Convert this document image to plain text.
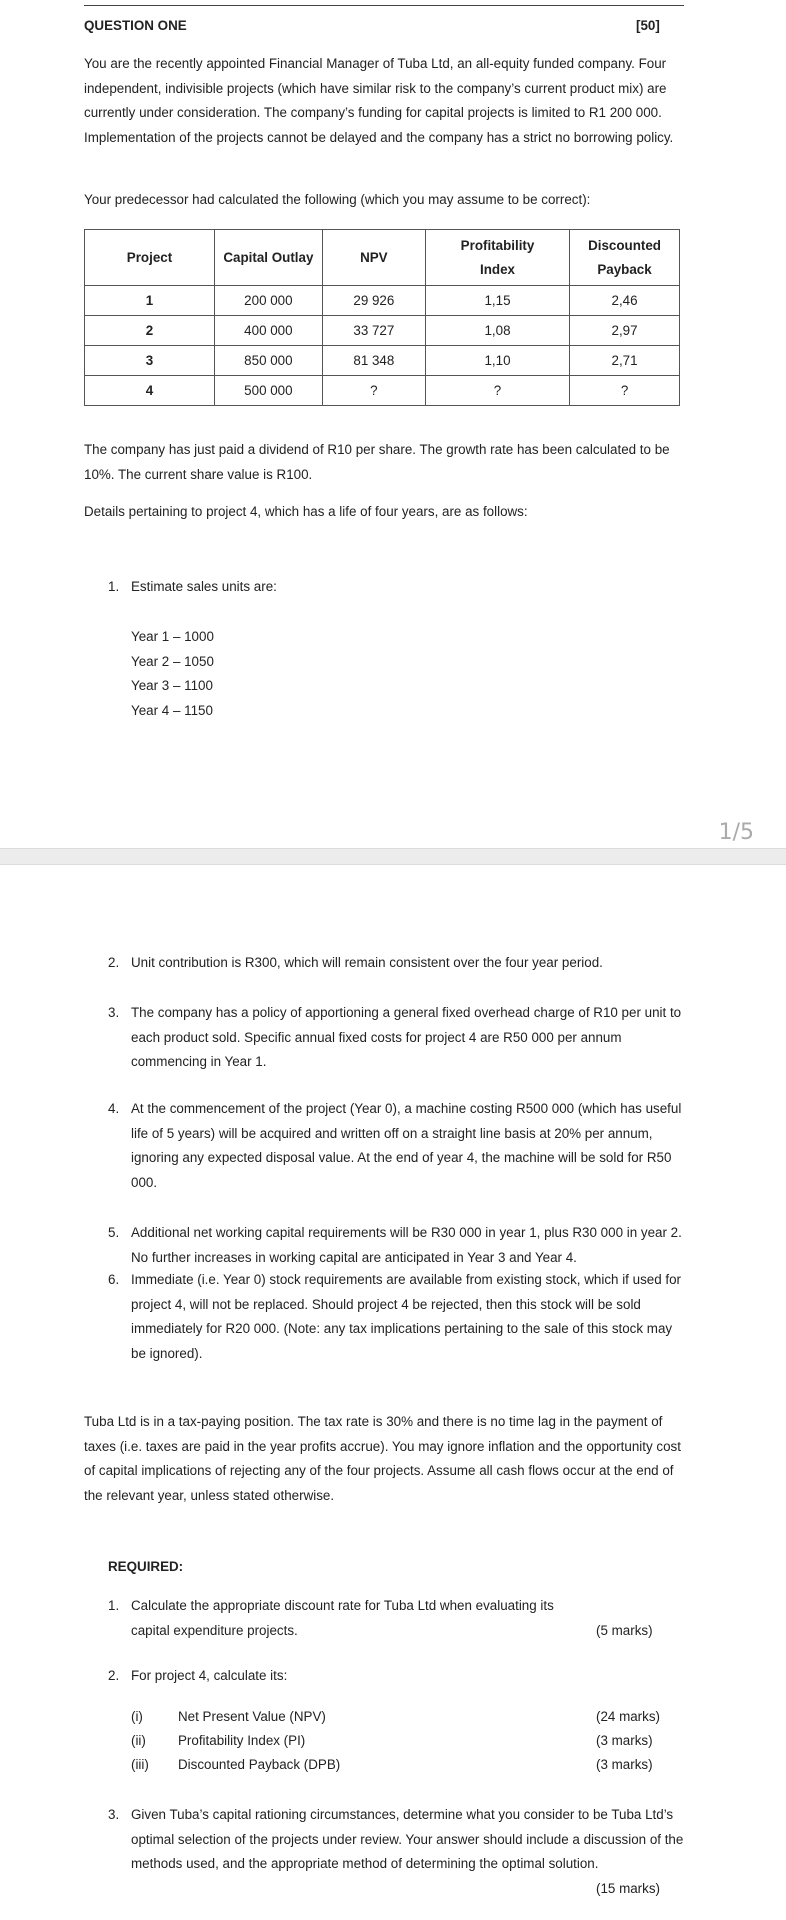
QUESTION ONE	[50]

You are the recently appointed Financial Manager of Tuba Ltd, an all-equity funded company. Four independent, indivisible projects (which have similar risk to the company’s current product mix) are currently under consideration. The company’s funding for capital projects is limited to R1 200 000. Implementation of the projects cannot be delayed and the company has a strict no borrowing policy.

Your predecessor had calculated the following (which you may assume to be correct):

Project	Capital Outlay	NPV	Profitability Index	Discounted Payback
1	200 000	29 926	1,15	2,46
2	400 000	33 727	1,08	2,97
3	850 000	81 348	1,10	2,71
4	500 000	?	?	?

The company has just paid a dividend of R10 per share. The growth rate has been calculated to be 10%. The current share value is R100.

Details pertaining to project 4, which has a life of four years, are as follows:

1. Estimate sales units are:

Year 1 – 1000
Year 2 – 1050
Year 3 – 1100
Year 4 – 1150
1/5
2. Unit contribution is R300, which will remain consistent over the four year period.

3. The company has a policy of apportioning a general fixed overhead charge of R10 per unit to each product sold. Specific annual fixed costs for project 4 are R50 000 per annum commencing in Year 1.

4. At the commencement of the project (Year 0), a machine costing R500 000 (which has useful life of 5 years) will be acquired and written off on a straight line basis at 20% per annum, ignoring any expected disposal value. At the end of year 4, the machine will be sold for R50 000.

5. Additional net working capital requirements will be R30 000 in year 1, plus R30 000 in year 2. No further increases in working capital are anticipated in Year 3 and Year 4.

6. Immediate (i.e. Year 0) stock requirements are available from existing stock, which if used for project 4, will not be replaced. Should project 4 be rejected, then this stock will be sold immediately for R20 000. (Note: any tax implications pertaining to the sale of this stock may be ignored).

Tuba Ltd is in a tax-paying position. The tax rate is 30% and there is no time lag in the payment of taxes (i.e. taxes are paid in the year profits accrue). You may ignore inflation and the opportunity cost of capital implications of rejecting any of the four projects. Assume all cash flows occur at the end of the relevant year, unless stated otherwise.

REQUIRED:
1. Calculate the appropriate discount rate for Tuba Ltd when evaluating its capital expenditure projects.	(5 marks)
2. For project 4, calculate its:

(i)	Net Present Value (NPV)	(24 marks)
(ii) Profitability Index (PI)	(3 marks)
(iii) Discounted Payback (DPB)	(3 marks)
3. Given Tuba’s capital rationing circumstances, determine what you consider to be Tuba Ltd’s optimal selection of the projects under review. Your answer should include a discussion of the methods used, and the appropriate method of determining the optimal solution.

(15 marks)
